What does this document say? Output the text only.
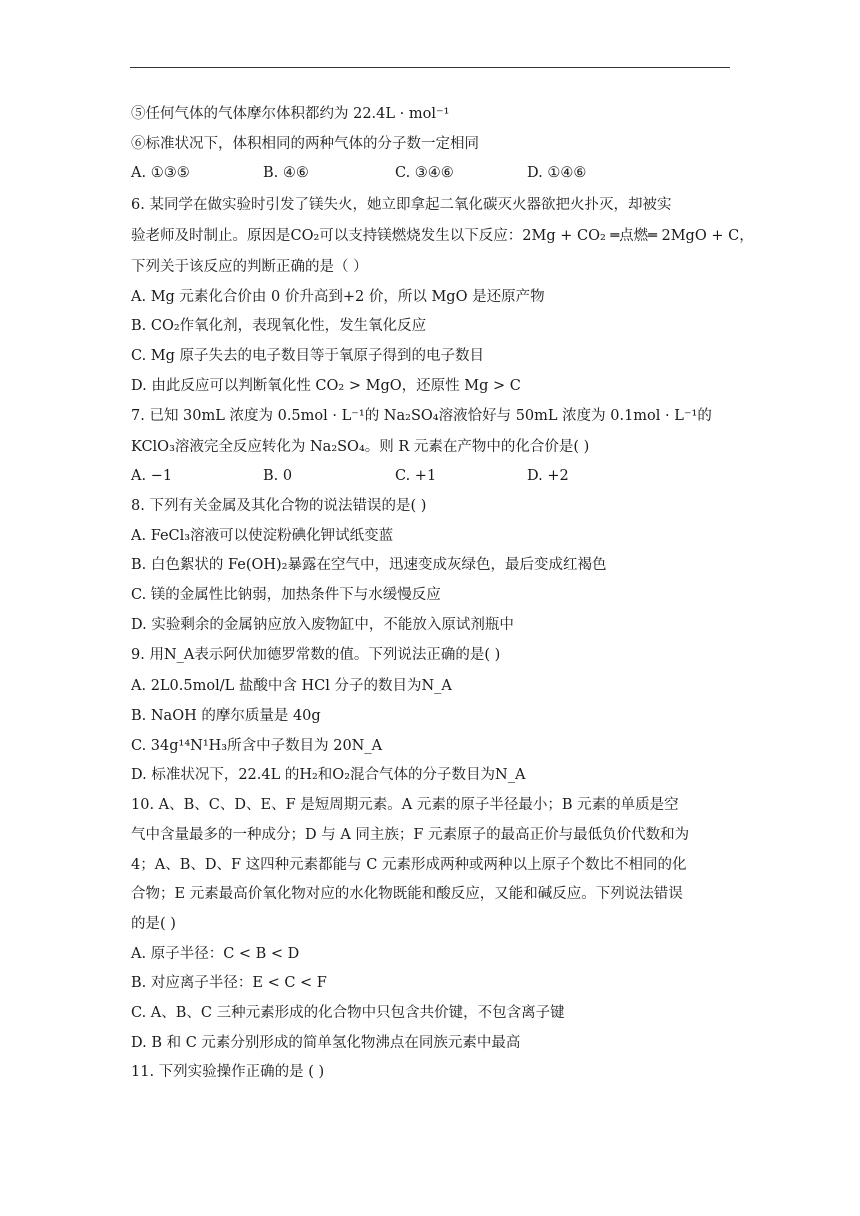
⑤任何气体的气体摩尔体积都约为 22.4L · mol⁻¹
⑥标准状况下，体积相同的两种气体的分子数一定相同
A. ①③⑤	B. ④⑥	C. ③④⑥	D. ①④⑥
6. 某同学在做实验时引发了镁失火，她立即拿起二氧化碳灭火器欲把火扑灭，却被实
验老师及时制止。原因是CO₂可以支持镁燃烧发生以下反应：2Mg + CO₂ ═点燃═ 2MgO + C，
下列关于该反应的判断正确的是（ ）
A. Mg 元素化合价由 0 价升高到+2 价，所以 MgO 是还原产物
B. CO₂作氧化剂，表现氧化性，发生氧化反应
C. Mg 原子失去的电子数目等于氧原子得到的电子数目
D. 由此反应可以判断氧化性 CO₂ > MgO，还原性 Mg > C
7. 已知 30mL 浓度为 0.5mol · L⁻¹的 Na₂SO₄溶液恰好与 50mL 浓度为 0.1mol · L⁻¹的
KClO₃溶液完全反应转化为 Na₂SO₄。则 R 元素在产物中的化合价是( )
A. −1	B. 0	C. +1	D. +2
8. 下列有关金属及其化合物的说法错误的是( )
A. FeCl₃溶液可以使淀粉碘化钾试纸变蓝
B. 白色絮状的 Fe(OH)₂暴露在空气中，迅速变成灰绿色，最后变成红褐色
C. 镁的金属性比钠弱，加热条件下与水缓慢反应
D. 实验剩余的金属钠应放入废物缸中，不能放入原试剂瓶中
9. 用N_A表示阿伏加德罗常数的值。下列说法正确的是( )
A. 2L0.5mol/L 盐酸中含 HCl 分子的数目为N_A
B. NaOH 的摩尔质量是 40g
C. 34g¹⁴N¹H₃所含中子数目为 20N_A
D. 标准状况下，22.4L 的H₂和O₂混合气体的分子数目为N_A
10. A、B、C、D、E、F 是短周期元素。A 元素的原子半径最小；B 元素的单质是空
气中含量最多的一种成分；D 与 A 同主族；F 元素原子的最高正价与最低负价代数和为
4；A、B、D、F 这四种元素都能与 C 元素形成两种或两种以上原子个数比不相同的化
合物；E 元素最高价氧化物对应的水化物既能和酸反应，又能和碱反应。下列说法错误
的是( )
A. 原子半径：C < B < D
B. 对应离子半径：E < C < F
C. A、B、C 三种元素形成的化合物中只包含共价键，不包含离子键
D. B 和 C 元素分别形成的简单氢化物沸点在同族元素中最高
11. 下列实验操作正确的是 ( )
